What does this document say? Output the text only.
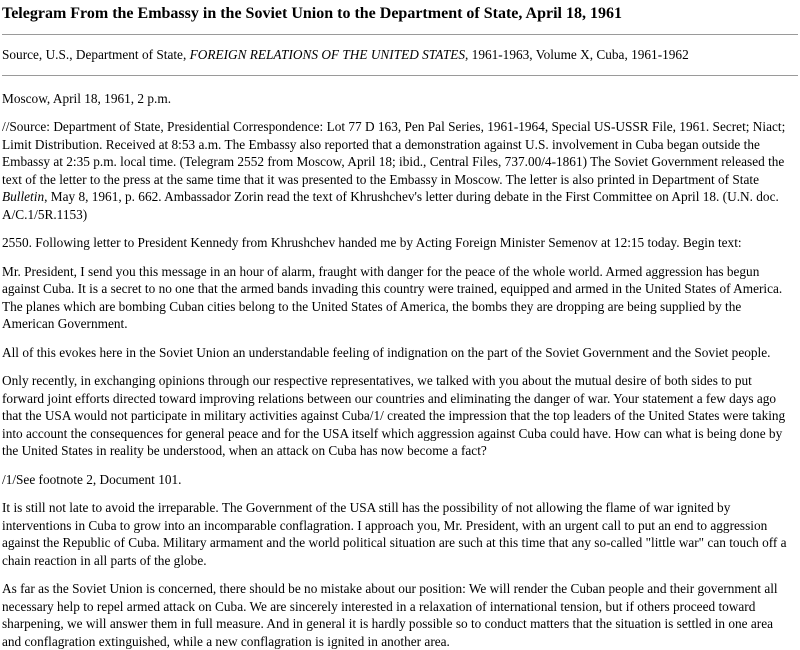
Telegram From the Embassy in the Soviet Union to the Department of State, April 18, 1961

Source, U.S., Department of State, FOREIGN RELATIONS OF THE UNITED STATES, 1961-1963, Volume X, Cuba, 1961-1962

Moscow, April 18, 1961, 2 p.m.

//Source: Department of State, Presidential Correspondence: Lot 77 D 163, Pen Pal Series, 1961-1964, Special US-USSR File, 1961. Secret; Niact; Limit Distribution. Received at 8:53 a.m. The Embassy also reported that a demonstration against U.S. involvement in Cuba began outside the Embassy at 2:35 p.m. local time. (Telegram 2552 from Moscow, April 18; ibid., Central Files, 737.00/4-1861) The Soviet Government released the text of the letter to the press at the same time that it was presented to the Embassy in Moscow. The letter is also printed in Department of State Bulletin, May 8, 1961, p. 662. Ambassador Zorin read the text of Khrushchev's letter during debate in the First Committee on April 18. (U.N. doc. A/C.1/5R.1153)

2550. Following letter to President Kennedy from Khrushchev handed me by Acting Foreign Minister Semenov at 12:15 today. Begin text:

Mr. President, I send you this message in an hour of alarm, fraught with danger for the peace of the whole world. Armed aggression has begun against Cuba. It is a secret to no one that the armed bands invading this country were trained, equipped and armed in the United States of America. The planes which are bombing Cuban cities belong to the United States of America, the bombs they are dropping are being supplied by the American Government.

All of this evokes here in the Soviet Union an understandable feeling of indignation on the part of the Soviet Government and the Soviet people.

Only recently, in exchanging opinions through our respective representatives, we talked with you about the mutual desire of both sides to put forward joint efforts directed toward improving relations between our countries and eliminating the danger of war. Your statement a few days ago that the USA would not participate in military activities against Cuba/1/ created the impression that the top leaders of the United States were taking into account the consequences for general peace and for the USA itself which aggression against Cuba could have. How can what is being done by the United States in reality be understood, when an attack on Cuba has now become a fact?

/1/See footnote 2, Document 101.

It is still not late to avoid the irreparable. The Government of the USA still has the possibility of not allowing the flame of war ignited by interventions in Cuba to grow into an incomparable conflagration. I approach you, Mr. President, with an urgent call to put an end to aggression against the Republic of Cuba. Military armament and the world political situation are such at this time that any so-called "little war" can touch off a chain reaction in all parts of the globe.

As far as the Soviet Union is concerned, there should be no mistake about our position: We will render the Cuban people and their government all necessary help to repel armed attack on Cuba. We are sincerely interested in a relaxation of international tension, but if others proceed toward sharpening, we will answer them in full measure. And in general it is hardly possible so to conduct matters that the situation is settled in one area and conflagration extinguished, while a new conflagration is ignited in another area.
